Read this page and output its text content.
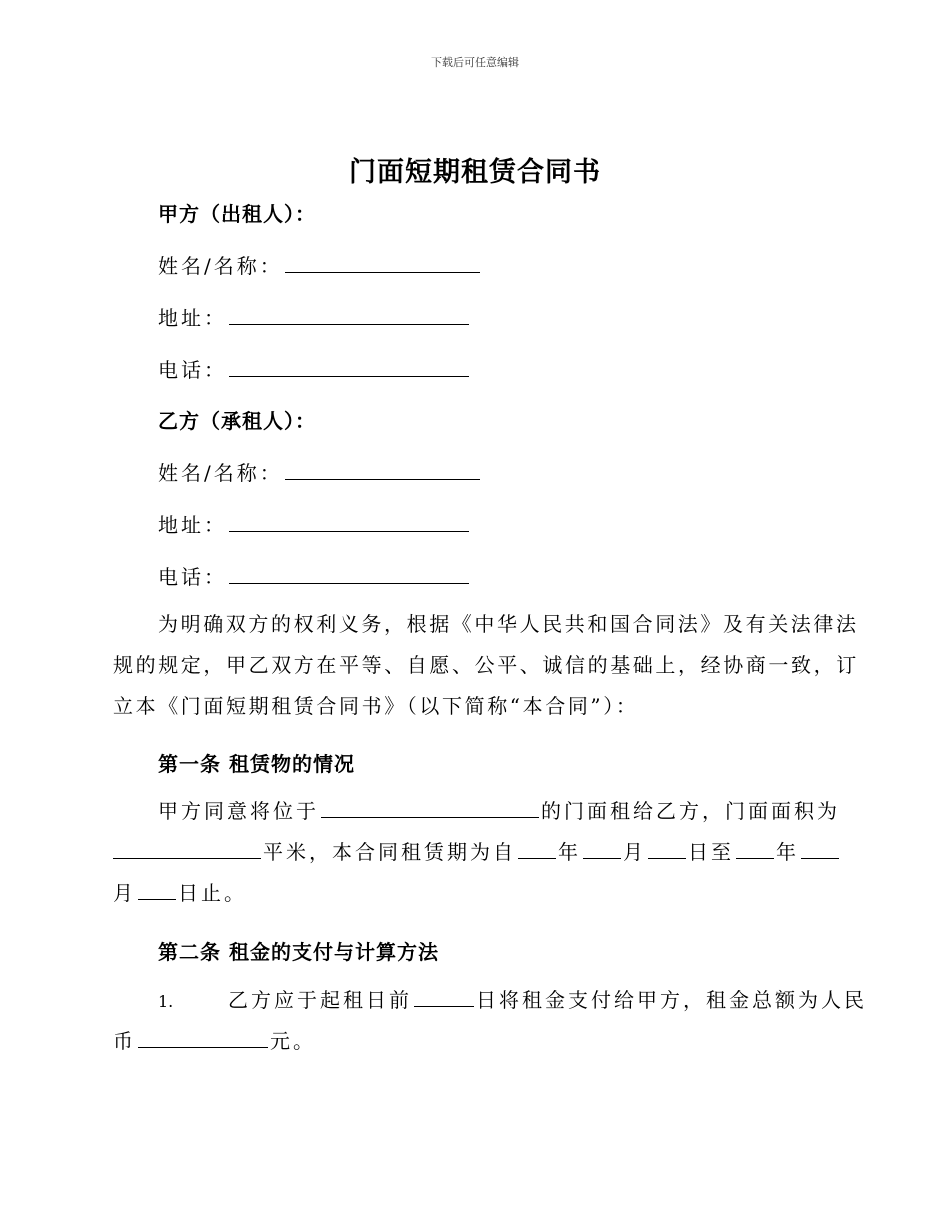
下载后可任意编辑
门面短期租赁合同书
甲方（出租人）：
姓名/名称：
地址：
电话：
乙方（承租人）：
姓名/名称：
地址：
电话：
为明确双方的权利义务，根据《中华人民共和国合同法》及有关法律法
规的规定，甲乙双方在平等、自愿、公平、诚信的基础上，经协商一致，订
立本《门面短期租赁合同书》（以下简称“本合同”）：
第一条 租赁物的情况
甲方同意将位于	的门面租给乙方，门面面积为
平米，本合同租赁期为自 年 月 日至 年
月 日止。
第二条 租金的支付与计算方法
1.	乙方应于起租日前	日将租金支付给甲方，租金总额为人民
币	元。
